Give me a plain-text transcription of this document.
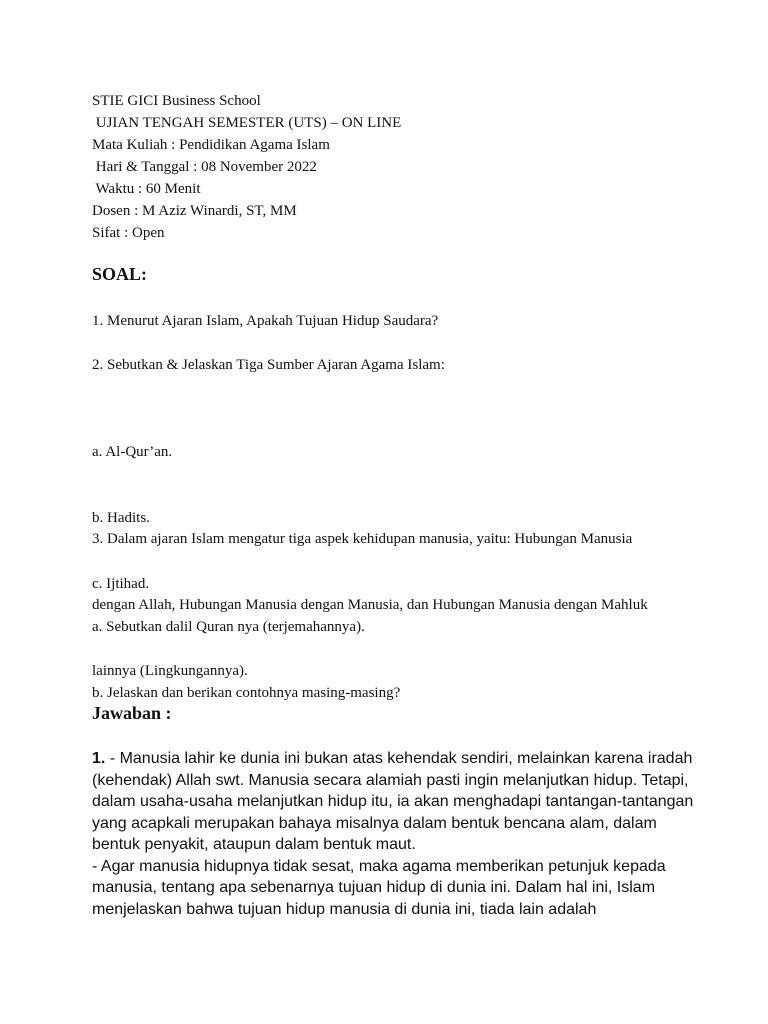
STIE GICI Business School
UJIAN TENGAH SEMESTER (UTS) – ON LINE
Mata Kuliah : Pendidikan Agama Islam
Hari & Tanggal : 08 November 2022
Waktu : 60 Menit
Dosen : M Aziz Winardi, ST, MM
Sifat : Open
SOAL:
1. Menurut Ajaran Islam, Apakah Tujuan Hidup Saudara?
2. Sebutkan & Jelaskan Tiga Sumber Ajaran Agama Islam:

a. Al-Qur’an.

b. Hadits.

c. Ijtihad.

3. Dalam ajaran Islam mengatur tiga aspek kehidupan manusia, yaitu: Hubungan Manusia

dengan Allah, Hubungan Manusia dengan Manusia, dan Hubungan Manusia dengan Mahluk

lainnya (Lingkungannya).

a. Sebutkan dalil Quran nya (terjemahannya).

b. Jelaskan dan berikan contohnya masing-masing?

Jawaban :
1. - Manusia lahir ke dunia ini bukan atas kehendak sendiri, melainkan karena iradah
(kehendak) Allah swt. Manusia secara alamiah pasti ingin melanjutkan hidup. Tetapi,
dalam usaha-usaha melanjutkan hidup itu, ia akan menghadapi tantangan-tantangan
yang acapkali merupakan bahaya misalnya dalam bentuk bencana alam, dalam
bentuk penyakit, ataupun dalam bentuk maut.
- Agar manusia hidupnya tidak sesat, maka agama memberikan petunjuk kepada
manusia, tentang apa sebenarnya tujuan hidup di dunia ini. Dalam hal ini, Islam
menjelaskan bahwa tujuan hidup manusia di dunia ini, tiada lain adalah
